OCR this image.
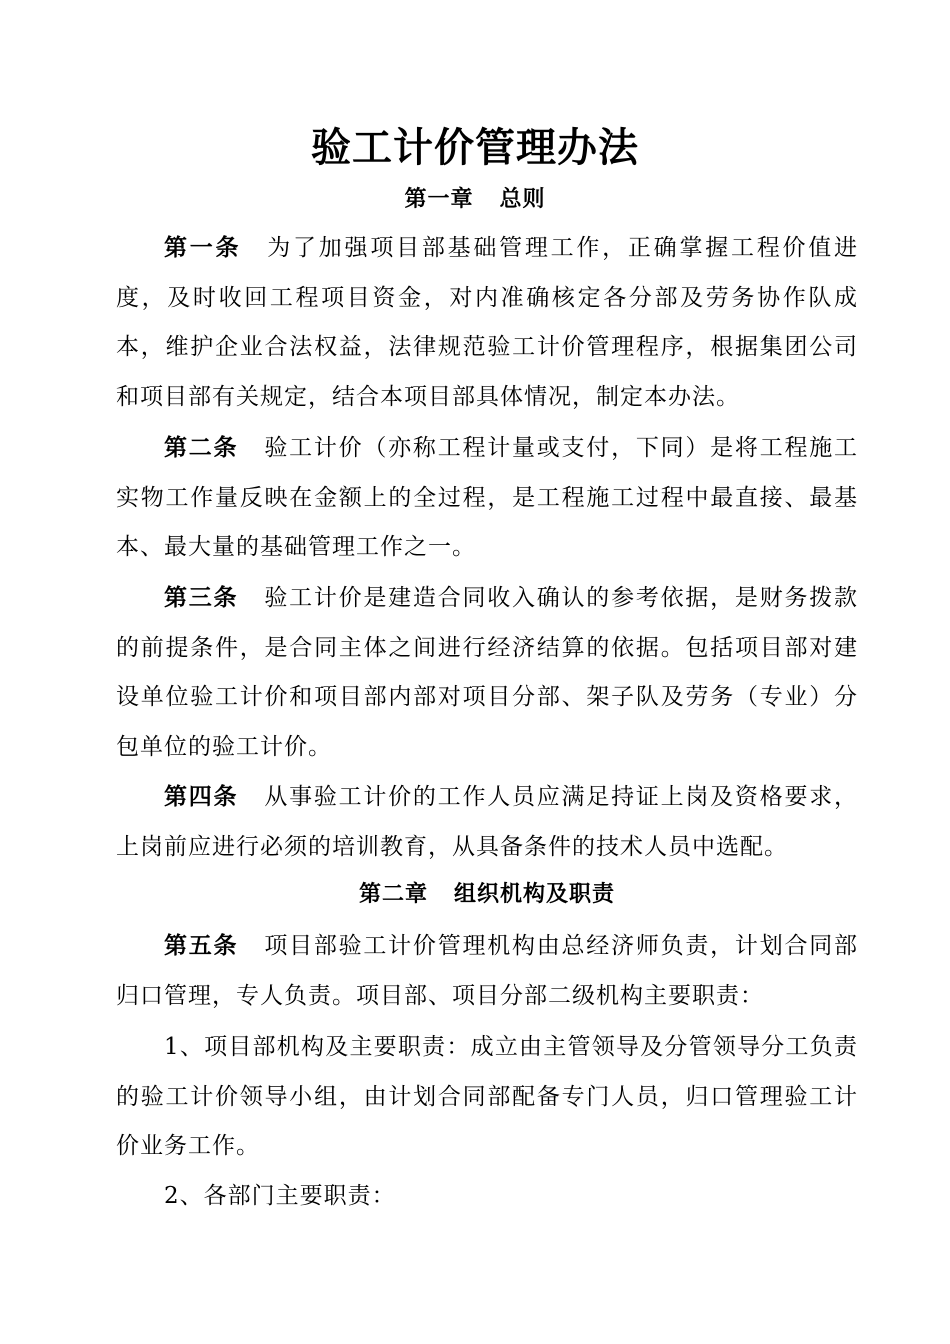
验工计价管理办法
第一章 总则

第一条 为了加强项目部基础管理工作，正确掌握工程价值进度，及时收回工程项目资金，对内准确核定各分部及劳务协作队成本，维护企业合法权益，法律规范验工计价管理程序，根据集团公司和项目部有关规定，结合本项目部具体情况，制定本办法。

第二条 验工计价（亦称工程计量或支付，下同）是将工程施工实物工作量反映在金额上的全过程，是工程施工过程中最直接、最基本、最大量的基础管理工作之一。

第三条 验工计价是建造合同收入确认的参考依据，是财务拨款的前提条件，是合同主体之间进行经济结算的依据。包括项目部对建设单位验工计价和项目部内部对项目分部、架子队及劳务（专业）分包单位的验工计价。

第四条 从事验工计价的工作人员应满足持证上岗及资格要求，上岗前应进行必须的培训教育，从具备条件的技术人员中选配。

第二章 组织机构及职责

第五条 项目部验工计价管理机构由总经济师负责，计划合同部归口管理，专人负责。项目部、项目分部二级机构主要职责：

1、项目部机构及主要职责：成立由主管领导及分管领导分工负责的验工计价领导小组，由计划合同部配备专门人员，归口管理验工计价业务工作。

2、各部门主要职责：
